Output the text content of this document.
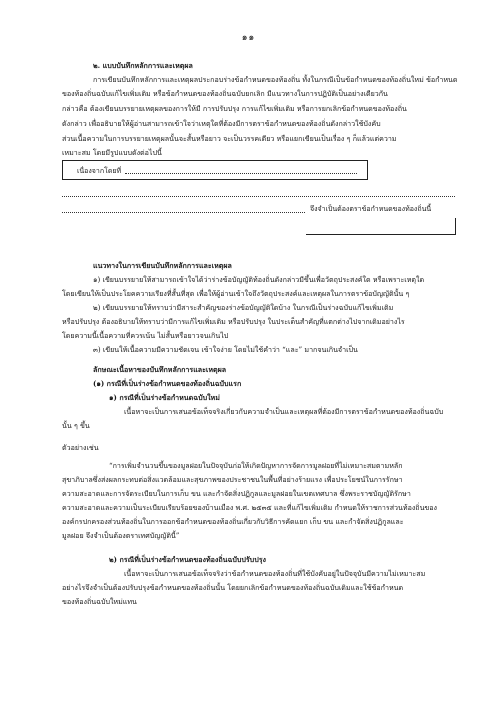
๑๑
๒. แบบบันทึกหลักการและเหตุผล
การเขียนบันทึกหลักการและเหตุผลประกอบร่างข้อกำหนดของท้องถิ่น ทั้งในกรณีเป็นข้อกำหนดของท้องถิ่นใหม่ ข้อกำหนด
ของท้องถิ่นฉบับแก้ไขเพิ่มเติม หรือข้อกำหนดของท้องถิ่นฉบับยกเลิก มีแนวทางในการปฏิบัติเป็นอย่างเดียวกัน
กล่าวคือ ต้องเขียนบรรยายเหตุผลของการให้มี การปรับปรุง การแก้ไขเพิ่มเติม หรือการยกเลิกข้อกำหนดของท้องถิ่น
ดังกล่าว เพื่ออธิบายให้ผู้อ่านสามารถเข้าใจว่าเหตุใดที่ต้องมีการตราข้อกำหนดของท้องถิ่นดังกล่าวใช้บังคับ
ส่วนเนื้อความในการบรรยายเหตุผลนั้นจะสั้นหรือยาว จะเป็นวรรคเดียว หรือแยกเขียนเป็นเรื่อง ๆ ก็แล้วแต่ความ
เหมาะสม โดยมีรูปแบบดังต่อไปนี้
เนื่องจากโดยที่
จึงจำเป็นต้องตราข้อกำหนดของท้องถิ่นนี้
แนวทางในการเขียนบันทึกหลักการและเหตุผล
๑) เขียนบรรยายให้สามารถเข้าใจได้ว่าร่างข้อบัญญัติท้องถิ่นดังกล่าวมีขึ้นเพื่อวัตถุประสงค์ใด หรือเพราะเหตุใด
โดยเขียนให้เป็นประโยคความเรียงที่สั้นที่สุด เพื่อให้ผู้อ่านเข้าใจถึงวัตถุประสงค์และเหตุผลในการตราข้อบัญญัตินั้น ๆ
๒) เขียนบรรยายให้ทราบว่ามีสาระสำคัญของร่างข้อบัญญัติใดบ้าง ในกรณีเป็นร่างฉบับแก้ไขเพิ่มเติม
หรือปรับปรุง ต้องอธิบายให้ทราบว่ามีการแก้ไขเพิ่มเติม หรือปรับปรุง ในประเด็นสำคัญที่แตกต่างไปจากเดิมอย่างไร
โดยความนี้เนื้อความที่ควรเน้น ไม่สั้นหรือยาวจนเกินไป
๓) เขียนให้เนื้อความมีความชัดเจน เข้าใจง่าย โดยไม่ใช้คำว่า “และ” มากจนเกินจำเป็น
ลักษณะเนื้อหาของบันทึกหลักการและเหตุผล
(๑) กรณีที่เป็นร่างข้อกำหนดของท้องถิ่นฉบับแรก
๑) กรณีที่เป็นร่างข้อกำหนดฉบับใหม่
เนื้อหาจะเป็นการเสนอข้อเท็จจริงเกี่ยวกับความจำเป็นและเหตุผลที่ต้องมีการตราข้อกำหนดของท้องถิ่นฉบับ
นั้น ๆ ขึ้น
ตัวอย่างเช่น
“การเพิ่มจำนวนขึ้นของมูลฝอยในปัจจุบันก่อให้เกิดปัญหาการจัดการมูลฝอยที่ไม่เหมาะสมตามหลัก
สุขาภิบาลซึ่งส่งผลกระทบต่อสิ่งแวดล้อมและสุขภาพของประชาชนในพื้นที่อย่างร้ายแรง เพื่อประโยชน์ในการรักษา
ความสะอาดและการจัดระเบียบในการเก็บ ขน และกำจัดสิ่งปฏิกูลและมูลฝอยในเขตเทศบาล ซึ่งพระราชบัญญัติรักษา
ความสะอาดและความเป็นระเบียบเรียบร้อยของบ้านเมือง พ.ศ. ๒๕๓๕ และที่แก้ไขเพิ่มเติม กำหนดให้ราชการส่วนท้องถิ่นของ
องค์กรปกครองส่วนท้องถิ่นในการออกข้อกำหนดของท้องถิ่นเกี่ยวกับวิธีการคัดแยก เก็บ ขน และกำจัดสิ่งปฏิกูลและ
มูลฝอย จึงจำเป็นต้องตราเทศบัญญัตินี้”
๒) กรณีที่เป็นร่างข้อกำหนดของท้องถิ่นฉบับปรับปรุง
เนื้อหาจะเป็นการเสนอข้อเท็จจริงว่าข้อกำหนดของท้องถิ่นที่ใช้บังคับอยู่ในปัจจุบันมีความไม่เหมาะสม
อย่างไรจึงจำเป็นต้องปรับปรุงข้อกำหนดของท้องถิ่นนั้น โดยยกเลิกข้อกำหนดของท้องถิ่นฉบับเดิมและใช้ข้อกำหนด
ของท้องถิ่นฉบับใหม่แทน
